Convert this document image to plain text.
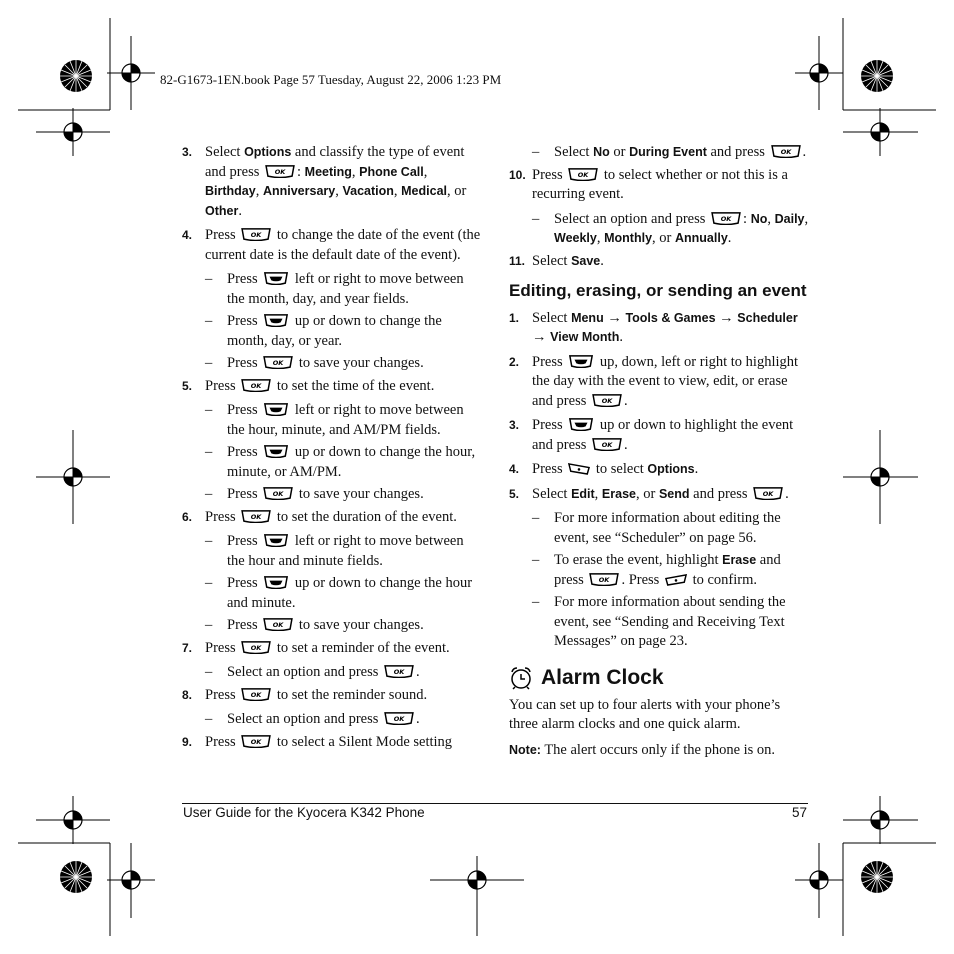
82-G1673-1EN.book Page 57 Tuesday, August 22, 2006 1:23 PM
3. Select Options and classify the type of event and press : Meeting, Phone Call, Birthday, Anniversary, Vacation, Medical, or Other.
4. Press  to change the date of the event (the current date is the default date of the event).
– Press  left or right to move between the month, day, and year fields.
– Press  up or down to change the month, day, or year.
– Press  to save your changes.
5. Press  to set the time of the event.
– Press  left or right to move between the hour, minute, and AM/PM fields.
– Press  up or down to change the hour, minute, or AM/PM.
– Press  to save your changes.
6. Press  to set the duration of the event.
– Press  left or right to move between the hour and minute fields.
– Press  up or down to change the hour and minute.
– Press  to save your changes.
7. Press  to set a reminder of the event.
– Select an option and press .
8. Press  to set the reminder sound.
– Select an option and press .
9. Press  to select a Silent Mode setting
– Select No or During Event and press .
10. Press  to select whether or not this is a recurring event.
– Select an option and press : No, Daily, Weekly, Monthly, or Annually.
11. Select Save.
Editing, erasing, or sending an event
1. Select Menu → Tools & Games → Scheduler → View Month.
2. Press  up, down, left or right to highlight the day with the event to view, edit, or erase and press .
3. Press  up or down to highlight the event and press .
4. Press  to select Options.
5. Select Edit, Erase, or Send and press .
– For more information about editing the event, see “Scheduler” on page 56.
– To erase the event, highlight Erase and press . Press  to confirm.
– For more information about sending the event, see “Sending and Receiving Text Messages” on page 23.
Alarm Clock
You can set up to four alerts with your phone’s three alarm clocks and one quick alarm.
Note: The alert occurs only if the phone is on.
User Guide for the Kyocera K342 Phone	57
